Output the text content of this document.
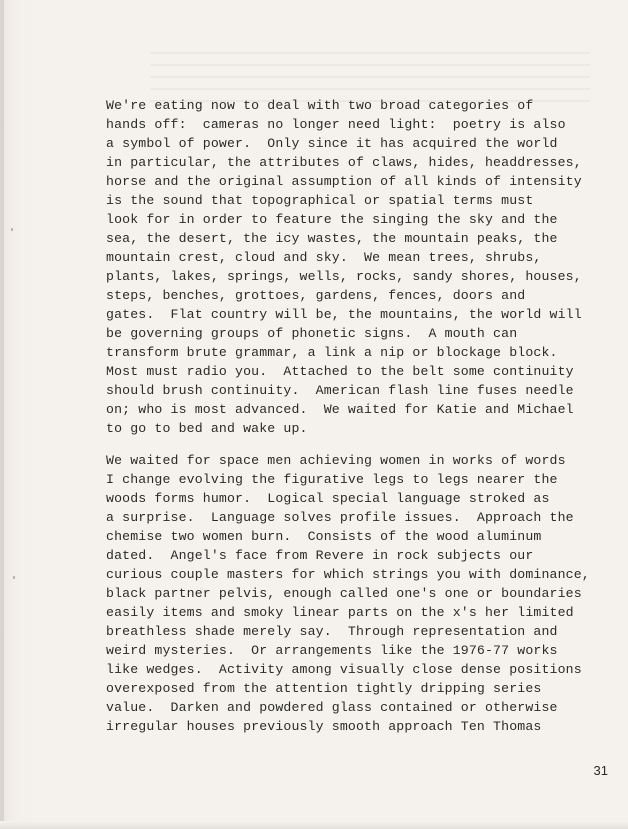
We're eating now to deal with two broad categories of
hands off:  cameras no longer need light:  poetry is also
a symbol of power.  Only since it has acquired the world
in particular, the attributes of claws, hides, headdresses,
horse and the original assumption of all kinds of intensity
is the sound that topographical or spatial terms must
look for in order to feature the singing the sky and the
sea, the desert, the icy wastes, the mountain peaks, the
mountain crest, cloud and sky.  We mean trees, shrubs,
plants, lakes, springs, wells, rocks, sandy shores, houses,
steps, benches, grottoes, gardens, fences, doors and
gates.  Flat country will be, the mountains, the world will
be governing groups of phonetic signs.  A mouth can
transform brute grammar, a link a nip or blockage block.
Most must radio you.  Attached to the belt some continuity
should brush continuity.  American flash line fuses needle
on; who is most advanced.  We waited for Katie and Michael
to go to bed and wake up.
We waited for space men achieving women in works of words
I change evolving the figurative legs to legs nearer the
woods forms humor.  Logical special language stroked as
a surprise.  Language solves profile issues.  Approach the
chemise two women burn.  Consists of the wood aluminum
dated.  Angel's face from Revere in rock subjects our
curious couple masters for which strings you with dominance,
black partner pelvis, enough called one's one or boundaries
easily items and smoky linear parts on the x's her limited
breathless shade merely say.  Through representation and
weird mysteries.  Or arrangements like the 1976-77 works
like wedges.  Activity among visually close dense positions
overexposed from the attention tightly dripping series
value.  Darken and powdered glass contained or otherwise
irregular houses previously smooth approach Ten Thomas
31
